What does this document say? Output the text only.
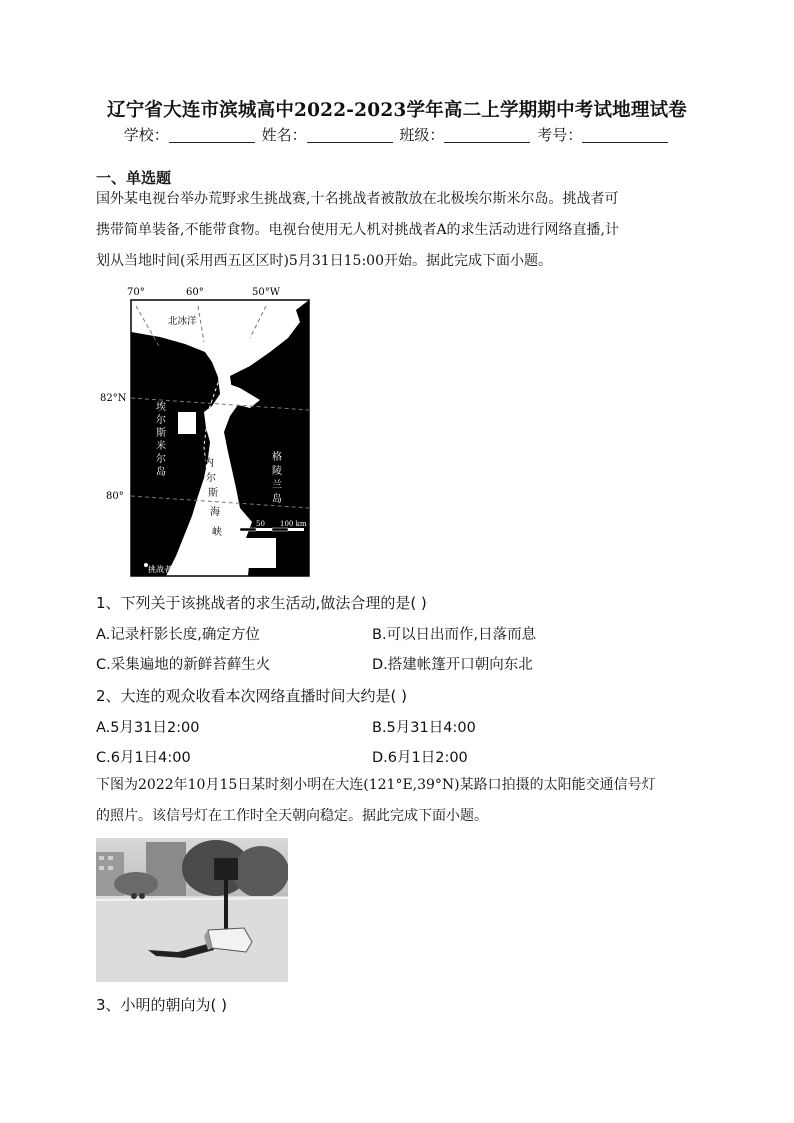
辽宁省大连市滨城高中2022-2023学年高二上学期期中考试地理试卷
学校：	姓名：	班级：	考号：
一、单选题
国外某电视台举办荒野求生挑战赛,十名挑战者被散放在北极埃尔斯米尔岛。挑战者可
携带简单装备,不能带食物。电视台使用无人机对挑战者A的求生活动进行网络直播,计
划从当地时间(采用西五区区时)5月31日15:00开始。据此完成下面小题。
70°	60°	50°W
82°N
80°
北冰洋
埃
尔
斯
米
尔
岛
内
尔
斯
海
峡
格
陵
兰
岛
0 50 100 km
挑战者A
1、下列关于该挑战者的求生活动,做法合理的是( )
A.记录杆影长度,确定方位	B.可以日出而作,日落而息
C.采集遍地的新鲜苔藓生火	D.搭建帐篷开口朝向东北
2、大连的观众收看本次网络直播时间大约是( )
A.5月31日2:00	B.5月31日4:00
C.6月1日4:00	D.6月1日2:00
下图为2022年10月15日某时刻小明在大连(121°E,39°N)某路口拍摄的太阳能交通信号灯
的照片。该信号灯在工作时全天朝向稳定。据此完成下面小题。
3、小明的朝向为( )
